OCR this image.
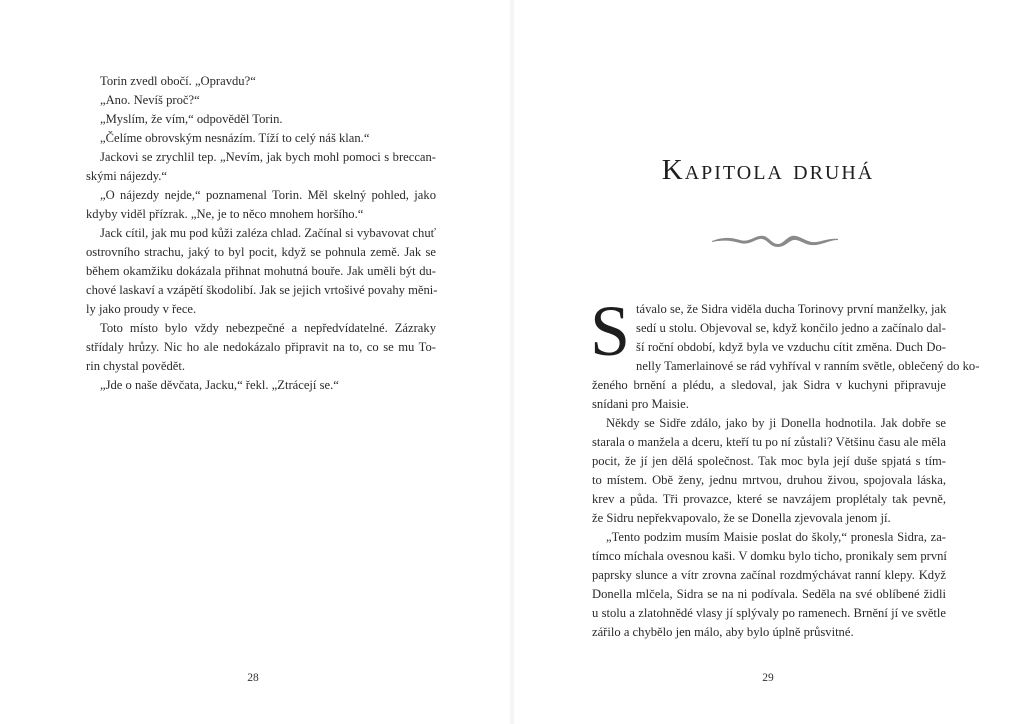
Torin zvedl obočí. „Opravdu?“

„Ano. Nevíš proč?“

„Myslím, že vím,“ odpověděl Torin.

„Čelíme obrovským nesnázím. Tíží to celý náš klan.“

Jackovi se zrychlil tep. „Nevím, jak bych mohl pomoci s breccan-
skými nájezdy.“

„O nájezdy nejde,“ poznamenal Torin. Měl skelný pohled, jako
kdyby viděl přízrak. „Ne, je to něco mnohem horšího.“

Jack cítil, jak mu pod kůži zaléza chlad. Začínal si vybavovat chuť
ostrovního strachu, jaký to byl pocit, když se pohnula země. Jak se
během okamžiku dokázala přihnat mohutná bouře. Jak uměli být du-
chové laskaví a vzápětí škodolibí. Jak se jejich vrtošivé povahy měni-
ly jako proudy v řece.

Toto místo bylo vždy nebezpečné a nepředvídatelné. Zázraky
střídaly hrůzy. Nic ho ale nedokázalo připravit na to, co se mu To-
rin chystal povědět.

„Jde o naše děvčata, Jacku,“ řekl. „Ztrácejí se.“

28
Kapitola druhá
S távalo se, že Sidra viděla ducha Torinovy první manželky, jak
sedí u stolu. Objevoval se, když končilo jedno a začínalo dal-
ší roční období, když byla ve vzduchu cítit změna. Duch Do-
nelly Tamerlainové se rád vyhříval v ranním světle, oblečený do ko-
ženého brnění a plédu, a sledoval, jak Sidra v kuchyni připravuje
snídani pro Maisie.

Někdy se Sidře zdálo, jako by ji Donella hodnotila. Jak dobře se
starala o manžela a dceru, kteří tu po ní zůstali? Většinu času ale měla
pocit, že jí jen dělá společnost. Tak moc byla její duše spjatá s tím-
to místem. Obě ženy, jednu mrtvou, druhou živou, spojovala láska,
krev a půda. Tři provazce, které se navzájem proplétaly tak pevně,
že Sidru nepřekvapovalo, že se Donella zjevovala jenom jí.

„Tento podzim musím Maisie poslat do školy,“ pronesla Sidra, za-
tímco míchala ovesnou kaši. V domku bylo ticho, pronikaly sem první
paprsky slunce a vítr zrovna začínal rozdmýchávat ranní klepy. Když
Donella mlčela, Sidra se na ni podívala. Seděla na své oblíbené židli
u stolu a zlatohnědé vlasy jí splývaly po ramenech. Brnění jí ve světle
zářilo a chybělo jen málo, aby bylo úplně průsvitné.

29
